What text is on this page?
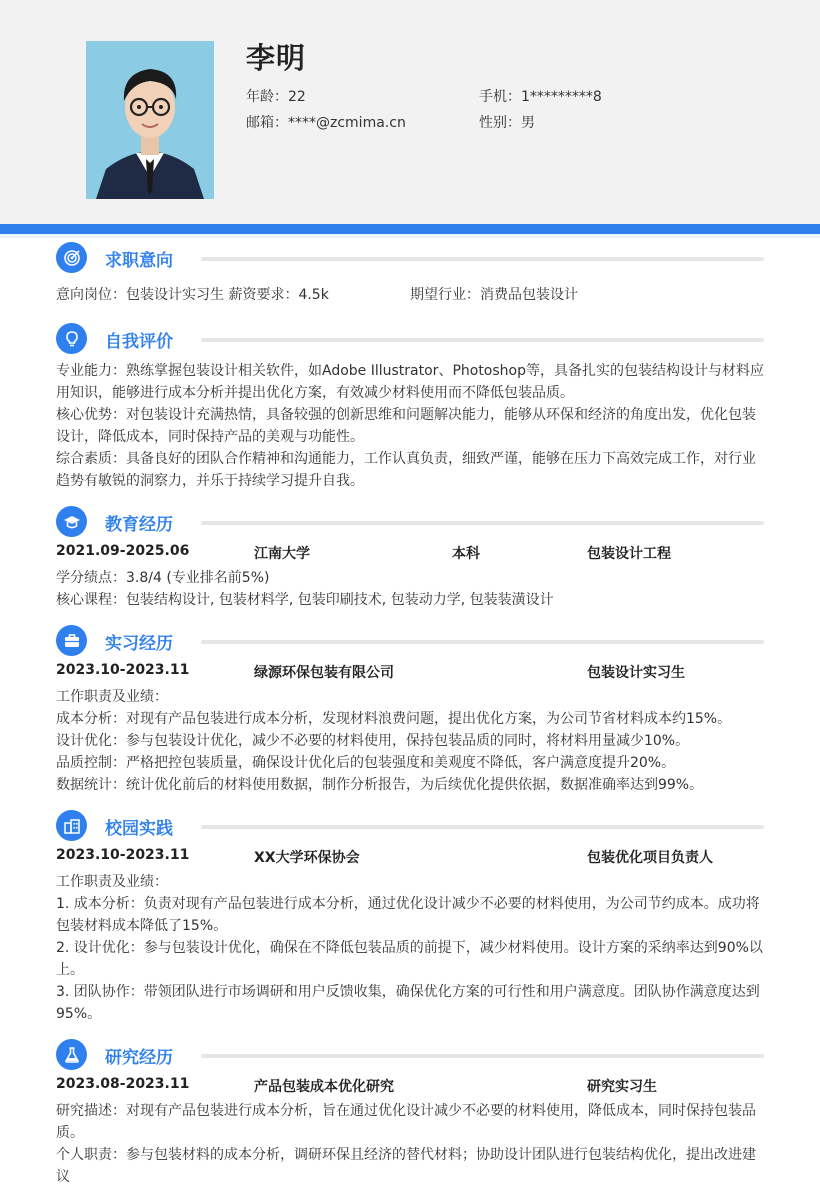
李明
年龄：22	手机：1*********8
邮箱：****@zcmima.cn	性别：男
求职意向
意向岗位：包装设计实习生 薪资要求：4.5k	期望行业：消费品包装设计
自我评价
专业能力：熟练掌握包装设计相关软件，如Adobe Illustrator、Photoshop等，具备扎实的包装结构设计与材料应用知识，能够进行成本分析并提出优化方案，有效减少材料使用而不降低包装品质。
核心优势：对包装设计充满热情，具备较强的创新思维和问题解决能力，能够从环保和经济的角度出发，优化包装设计，降低成本，同时保持产品的美观与功能性。
综合素质：具备良好的团队合作精神和沟通能力，工作认真负责，细致严谨，能够在压力下高效完成工作，对行业趋势有敏锐的洞察力，并乐于持续学习提升自我。
教育经历
2021.09-2025.06	江南大学	本科	包装设计工程
学分绩点：3.8/4 (专业排名前5%)
核心课程：包装结构设计, 包装材料学, 包装印刷技术, 包装动力学, 包装装潢设计
实习经历
2023.10-2023.11	绿源环保包装有限公司	包装设计实习生
工作职责及业绩：
成本分析：对现有产品包装进行成本分析，发现材料浪费问题，提出优化方案，为公司节省材料成本约15%。
设计优化：参与包装设计优化，减少不必要的材料使用，保持包装品质的同时，将材料用量减少10%。
品质控制：严格把控包装质量，确保设计优化后的包装强度和美观度不降低，客户满意度提升20%。
数据统计：统计优化前后的材料使用数据，制作分析报告，为后续优化提供依据，数据准确率达到99%。
校园实践
2023.10-2023.11	XX大学环保协会	包装优化项目负责人
工作职责及业绩：
1. 成本分析：负责对现有产品包装进行成本分析，通过优化设计减少不必要的材料使用，为公司节约成本。成功将包装材料成本降低了15%。
2. 设计优化：参与包装设计优化，确保在不降低包装品质的前提下，减少材料使用。设计方案的采纳率达到90%以上。
3. 团队协作：带领团队进行市场调研和用户反馈收集，确保优化方案的可行性和用户满意度。团队协作满意度达到95%。
研究经历
2023.08-2023.11	产品包装成本优化研究	研究实习生
研究描述：对现有产品包装进行成本分析，旨在通过优化设计减少不必要的材料使用，降低成本，同时保持包装品质。
个人职责：参与包装材料的成本分析，调研环保且经济的替代材料；协助设计团队进行包装结构优化，提出改进建议
